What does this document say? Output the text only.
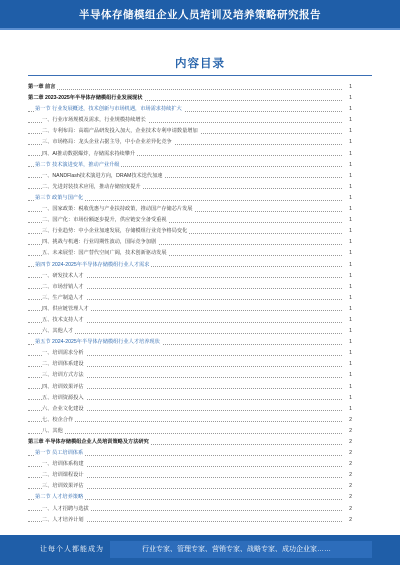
半导体存储模组企业人员培训及培养策略研究报告
内容目录
第一章 前言	1
第二章 2023-2025年半导体存储模组行业发展现状	1
第一节 行业发展概述，技术创新与市场机遇，市场需求持续扩大	1
一、行业市场规模及需求，行业规模持续增长	1
二、专利布局：高端产品研发投入加大，企业技术专利申请数量增加	1
三、市场格局：龙头企业占据主导，中小企业差异化竞争	1
四、AI推动数据爆炸，存储需求持续攀升	1
第二节 技术演进变革，推动产业升级	1
一、NANDFlash技术演进方向，DRAM技术迭代加速	1
二、先进封装技术应用，推动存储密度提升	1
第三节 政策与国产化	1
一、国家政策：税收优惠与产业扶持政策，推动国产存储芯片发展	1
二、国产化：市场份额逐步提升，供应链安全备受重视	1
三、行业趋势：中小企业加速发展，存储模组行业竞争格局变化	1
四、挑战与机遇：行业周期性波动，国际竞争加剧	1
五、未来展望：国产替代空间广阔，技术创新驱动发展	1
第四节 2024-2025年半导体存储模组行业人才需求	1
一、研发技术人才	1
二、市场营销人才	1
三、生产制造人才	1
四、供应链管理人才	1
五、技术支持人才	1
六、其他人才	1
第五节 2024-2025年半导体存储模组行业人才培养现状	1
一、培训需求分析	1
二、培训体系建设	1
三、培训方式方法	1
四、培训效果评估	1
五、培训资源投入	1
六、企业文化建设	1
七、校企合作	2
八、其他	2
第三章 半导体存储模组企业人员培训策略及方法研究	2
第一节 员工培训体系	2
一、培训体系构建	2
二、培训课程设计	2
三、培训效果评估	2
第二节 人才培养策略	2
一、人才招聘与选拔	2
二、人才培养计划	2
让每个人都能成为	行业专家、管理专家、营销专家、战略专家、成功企业家……
